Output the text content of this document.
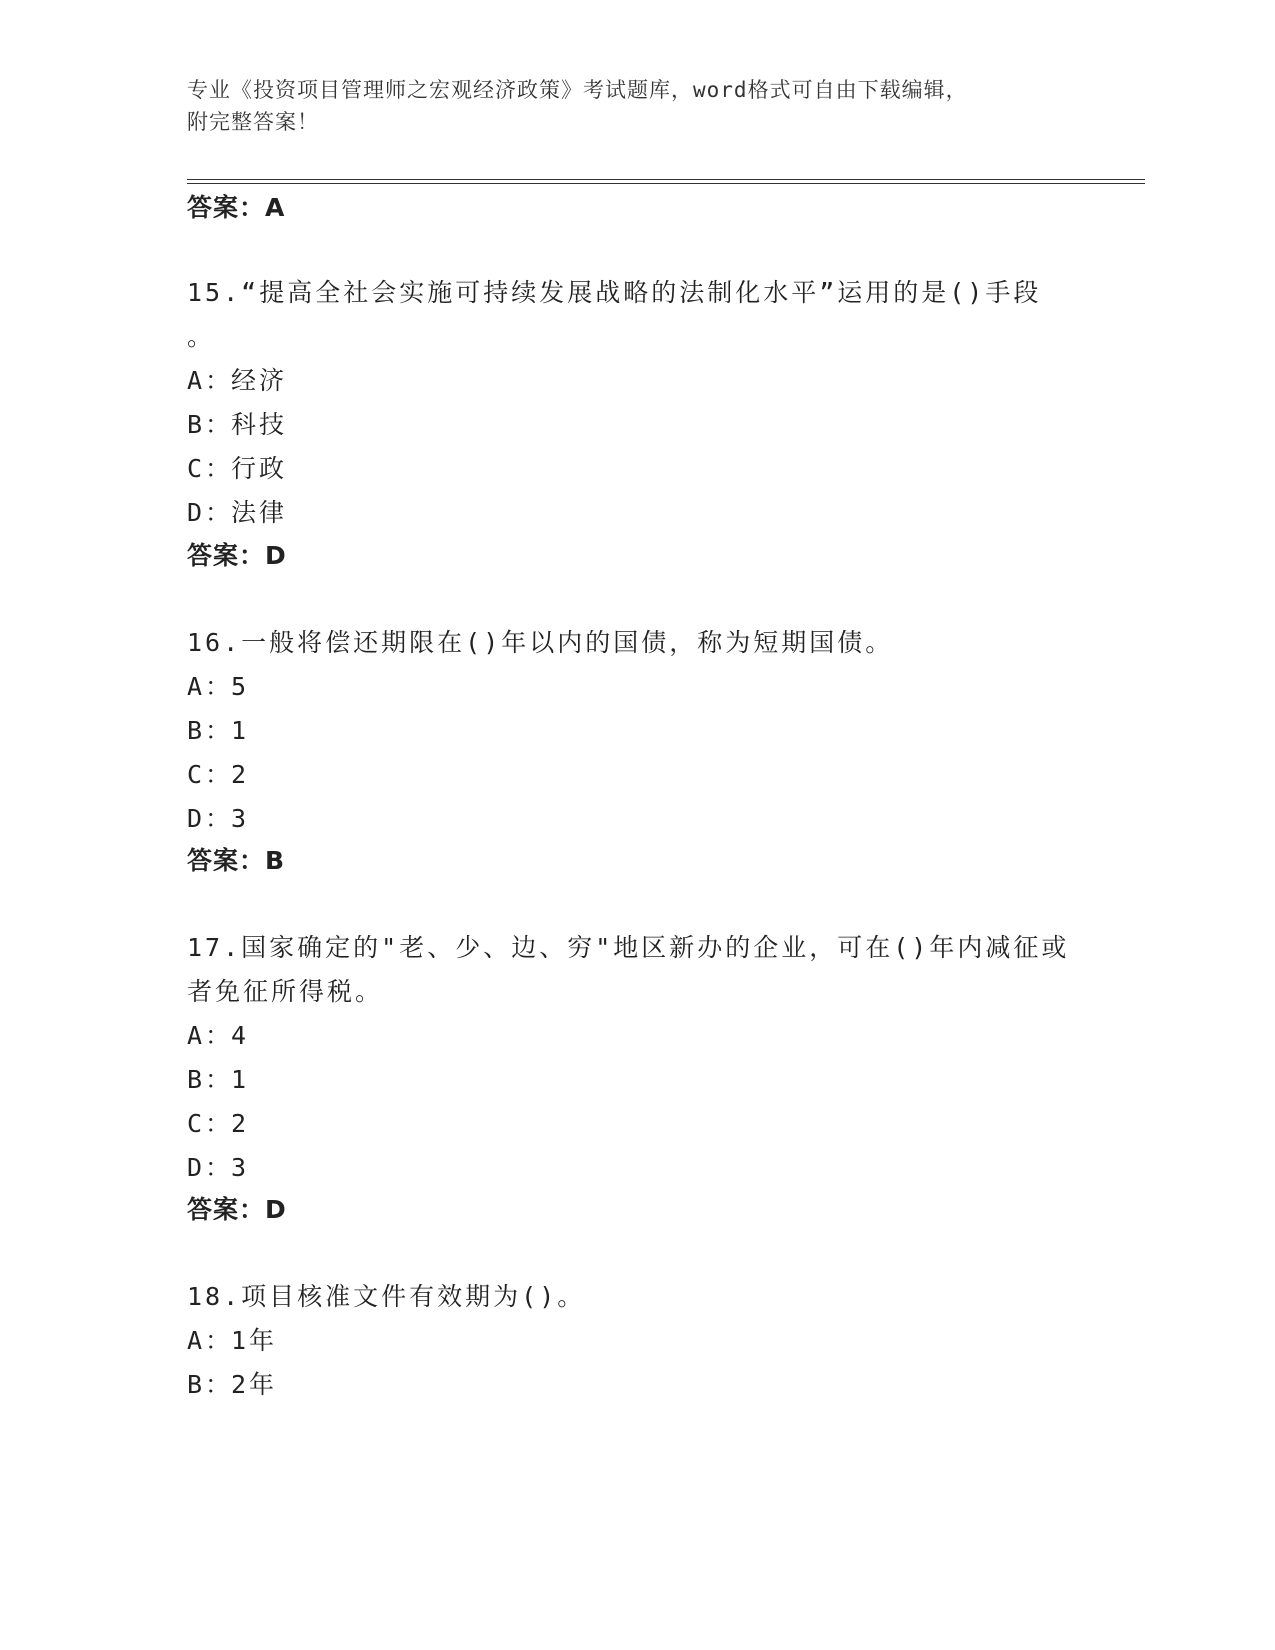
专业《投资项目管理师之宏观经济政策》考试题库，word格式可自由下载编辑，
附完整答案！
答案：A
15.“提高全社会实施可持续发展战略的法制化水平”运用的是()手段
。
A：经济
B：科技
C：行政
D：法律
答案：D
16.一般将偿还期限在()年以内的国债，称为短期国债。
A：5
B：1
C：2
D：3
答案：B
17.国家确定的"老、少、边、穷"地区新办的企业，可在()年内减征或
者免征所得税。
A：4
B：1
C：2
D：3
答案：D
18.项目核准文件有效期为()。
A：1年
B：2年
